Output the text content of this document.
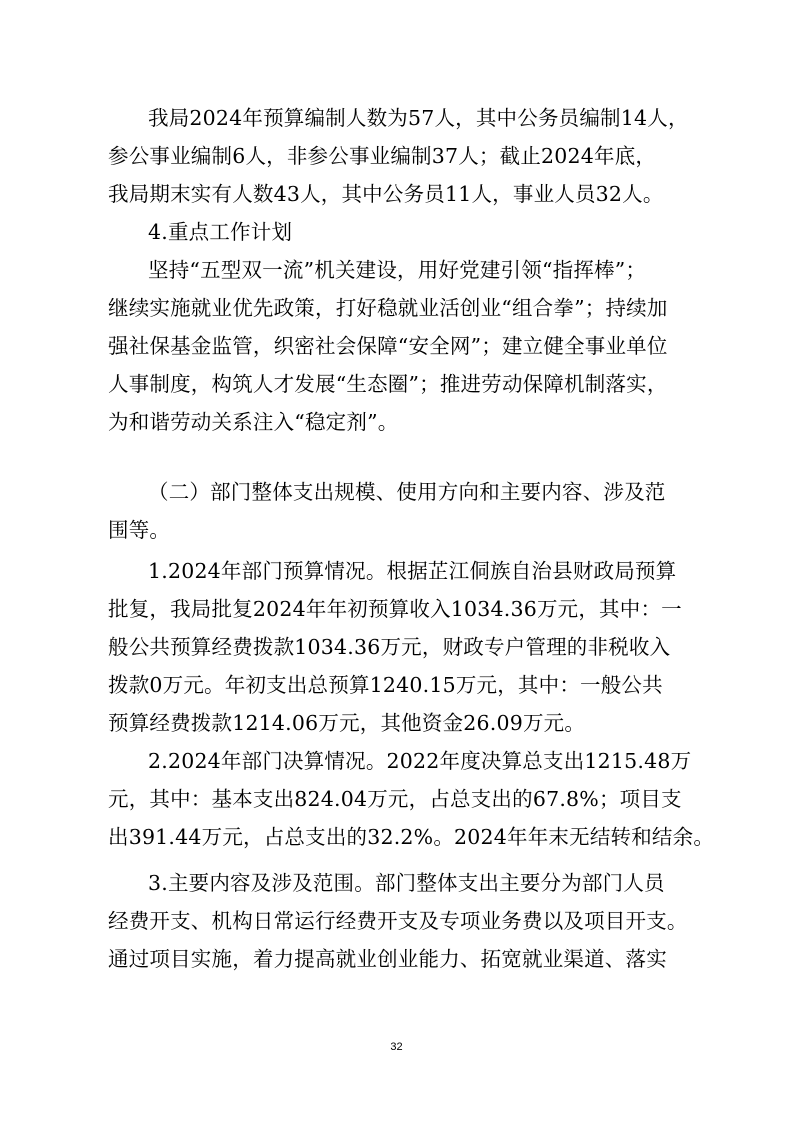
我局2024年预算编制人数为57人，其中公务员编制14人，

参公事业编制6人，非参公事业编制37人；截止2024年底，

我局期末实有人数43人，其中公务员11人，事业人员32人。

4.重点工作计划

坚持“五型双一流”机关建设，用好党建引领“指挥棒”；

继续实施就业优先政策，打好稳就业活创业“组合拳”；持续加

强社保基金监管，织密社会保障“安全网”；建立健全事业单位

人事制度，构筑人才发展“生态圈”；推进劳动保障机制落实，

为和谐劳动关系注入“稳定剂”。

（二）部门整体支出规模、使用方向和主要内容、涉及范

围等。

1.2024年部门预算情况。根据芷江侗族自治县财政局预算

批复，我局批复2024年年初预算收入1034.36万元，其中：一

般公共预算经费拨款1034.36万元，财政专户管理的非税收入

拨款0万元。年初支出总预算1240.15万元，其中：一般公共

预算经费拨款1214.06万元，其他资金26.09万元。

2.2024年部门决算情况。2022年度决算总支出1215.48万

元，其中：基本支出824.04万元，占总支出的67.8%；项目支

出391.44万元，占总支出的32.2%。2024年年末无结转和结余。

3.主要内容及涉及范围。部门整体支出主要分为部门人员

经费开支、机构日常运行经费开支及专项业务费以及项目开支。

通过项目实施，着力提高就业创业能力、拓宽就业渠道、落实

32
